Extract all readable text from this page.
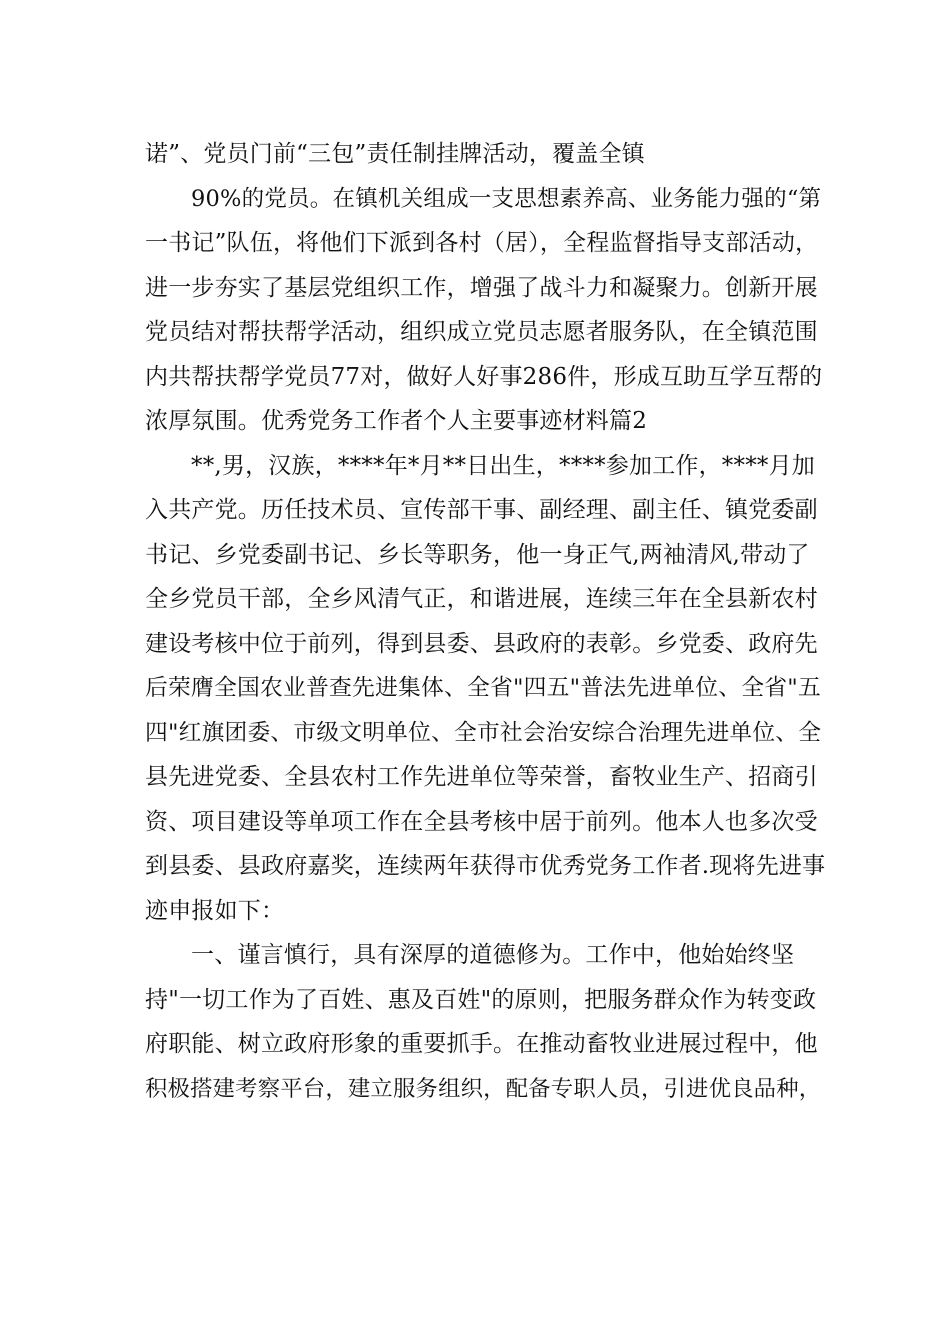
诺”、党员门前“三包”责任制挂牌活动，覆盖全镇
90%的党员。在镇机关组成一支思想素养高、业务能力强的“第
一书记”队伍，将他们下派到各村（居），全程监督指导支部活动，
进一步夯实了基层党组织工作，增强了战斗力和凝聚力。创新开展
党员结对帮扶帮学活动，组织成立党员志愿者服务队，在全镇范围
内共帮扶帮学党员77对，做好人好事286件，形成互助互学互帮的
浓厚氛围。优秀党务工作者个人主要事迹材料篇2
**,男，汉族，****年*月**日出生，****参加工作，****月加
入共产党。历任技术员、宣传部干事、副经理、副主任、镇党委副
书记、乡党委副书记、乡长等职务，他一身正气,两袖清风,带动了
全乡党员干部，全乡风清气正，和谐进展，连续三年在全县新农村
建设考核中位于前列，得到县委、县政府的表彰。乡党委、政府先
后荣膺全国农业普查先进集体、全省"四五"普法先进单位、全省"五
四"红旗团委、市级文明单位、全市社会治安综合治理先进单位、全
县先进党委、全县农村工作先进单位等荣誉，畜牧业生产、招商引
资、项目建设等单项工作在全县考核中居于前列。他本人也多次受
到县委、县政府嘉奖，连续两年获得市优秀党务工作者.现将先进事
迹申报如下：
一、谨言慎行，具有深厚的道德修为。工作中，他始始终坚
持"一切工作为了百姓、惠及百姓"的原则，把服务群众作为转变政
府职能、树立政府形象的重要抓手。在推动畜牧业进展过程中，他
积极搭建考察平台，建立服务组织，配备专职人员，引进优良品种，
